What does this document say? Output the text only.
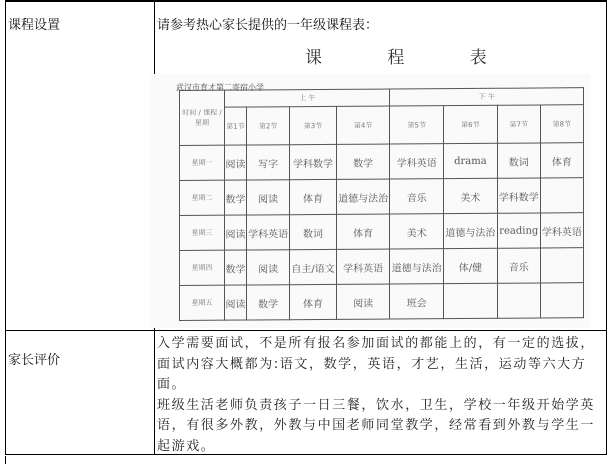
课程设置	请参考热心家长提供的一年级课程表：
课 程 表
武汉市育才第二寄宿小学
时间 / 课程 / 星期	上 午				下 午			
	第1节	第2节	第3节	第4节	第5节	第6节	第7节	第8节
星期一	阅读	写字	学科数学	数学	学科英语	drama	数词	体育
星期二	数学	阅读	体育	道德与法治	音乐	美术	学科数学	
星期三	阅读	学科英语	数词	体育	美术	道德与法治	reading	学科英语
星期四	数学	阅读	自主/语文	学科英语	道德与法治	体/健	音乐	
星期五	阅读	数学	体育	阅读	班会			
家长评价

入学需要面试，不是所有报名参加面试的都能上的，有一定的选拔，面试内容大概都为:语文，数学，英语，才艺，生活，运动等六大方面。

班级生活老师负责孩子一日三餐，饮水，卫生，学校一年级开始学英语，有很多外教，外教与中国老师同堂教学，经常看到外教与学生一起游戏。
